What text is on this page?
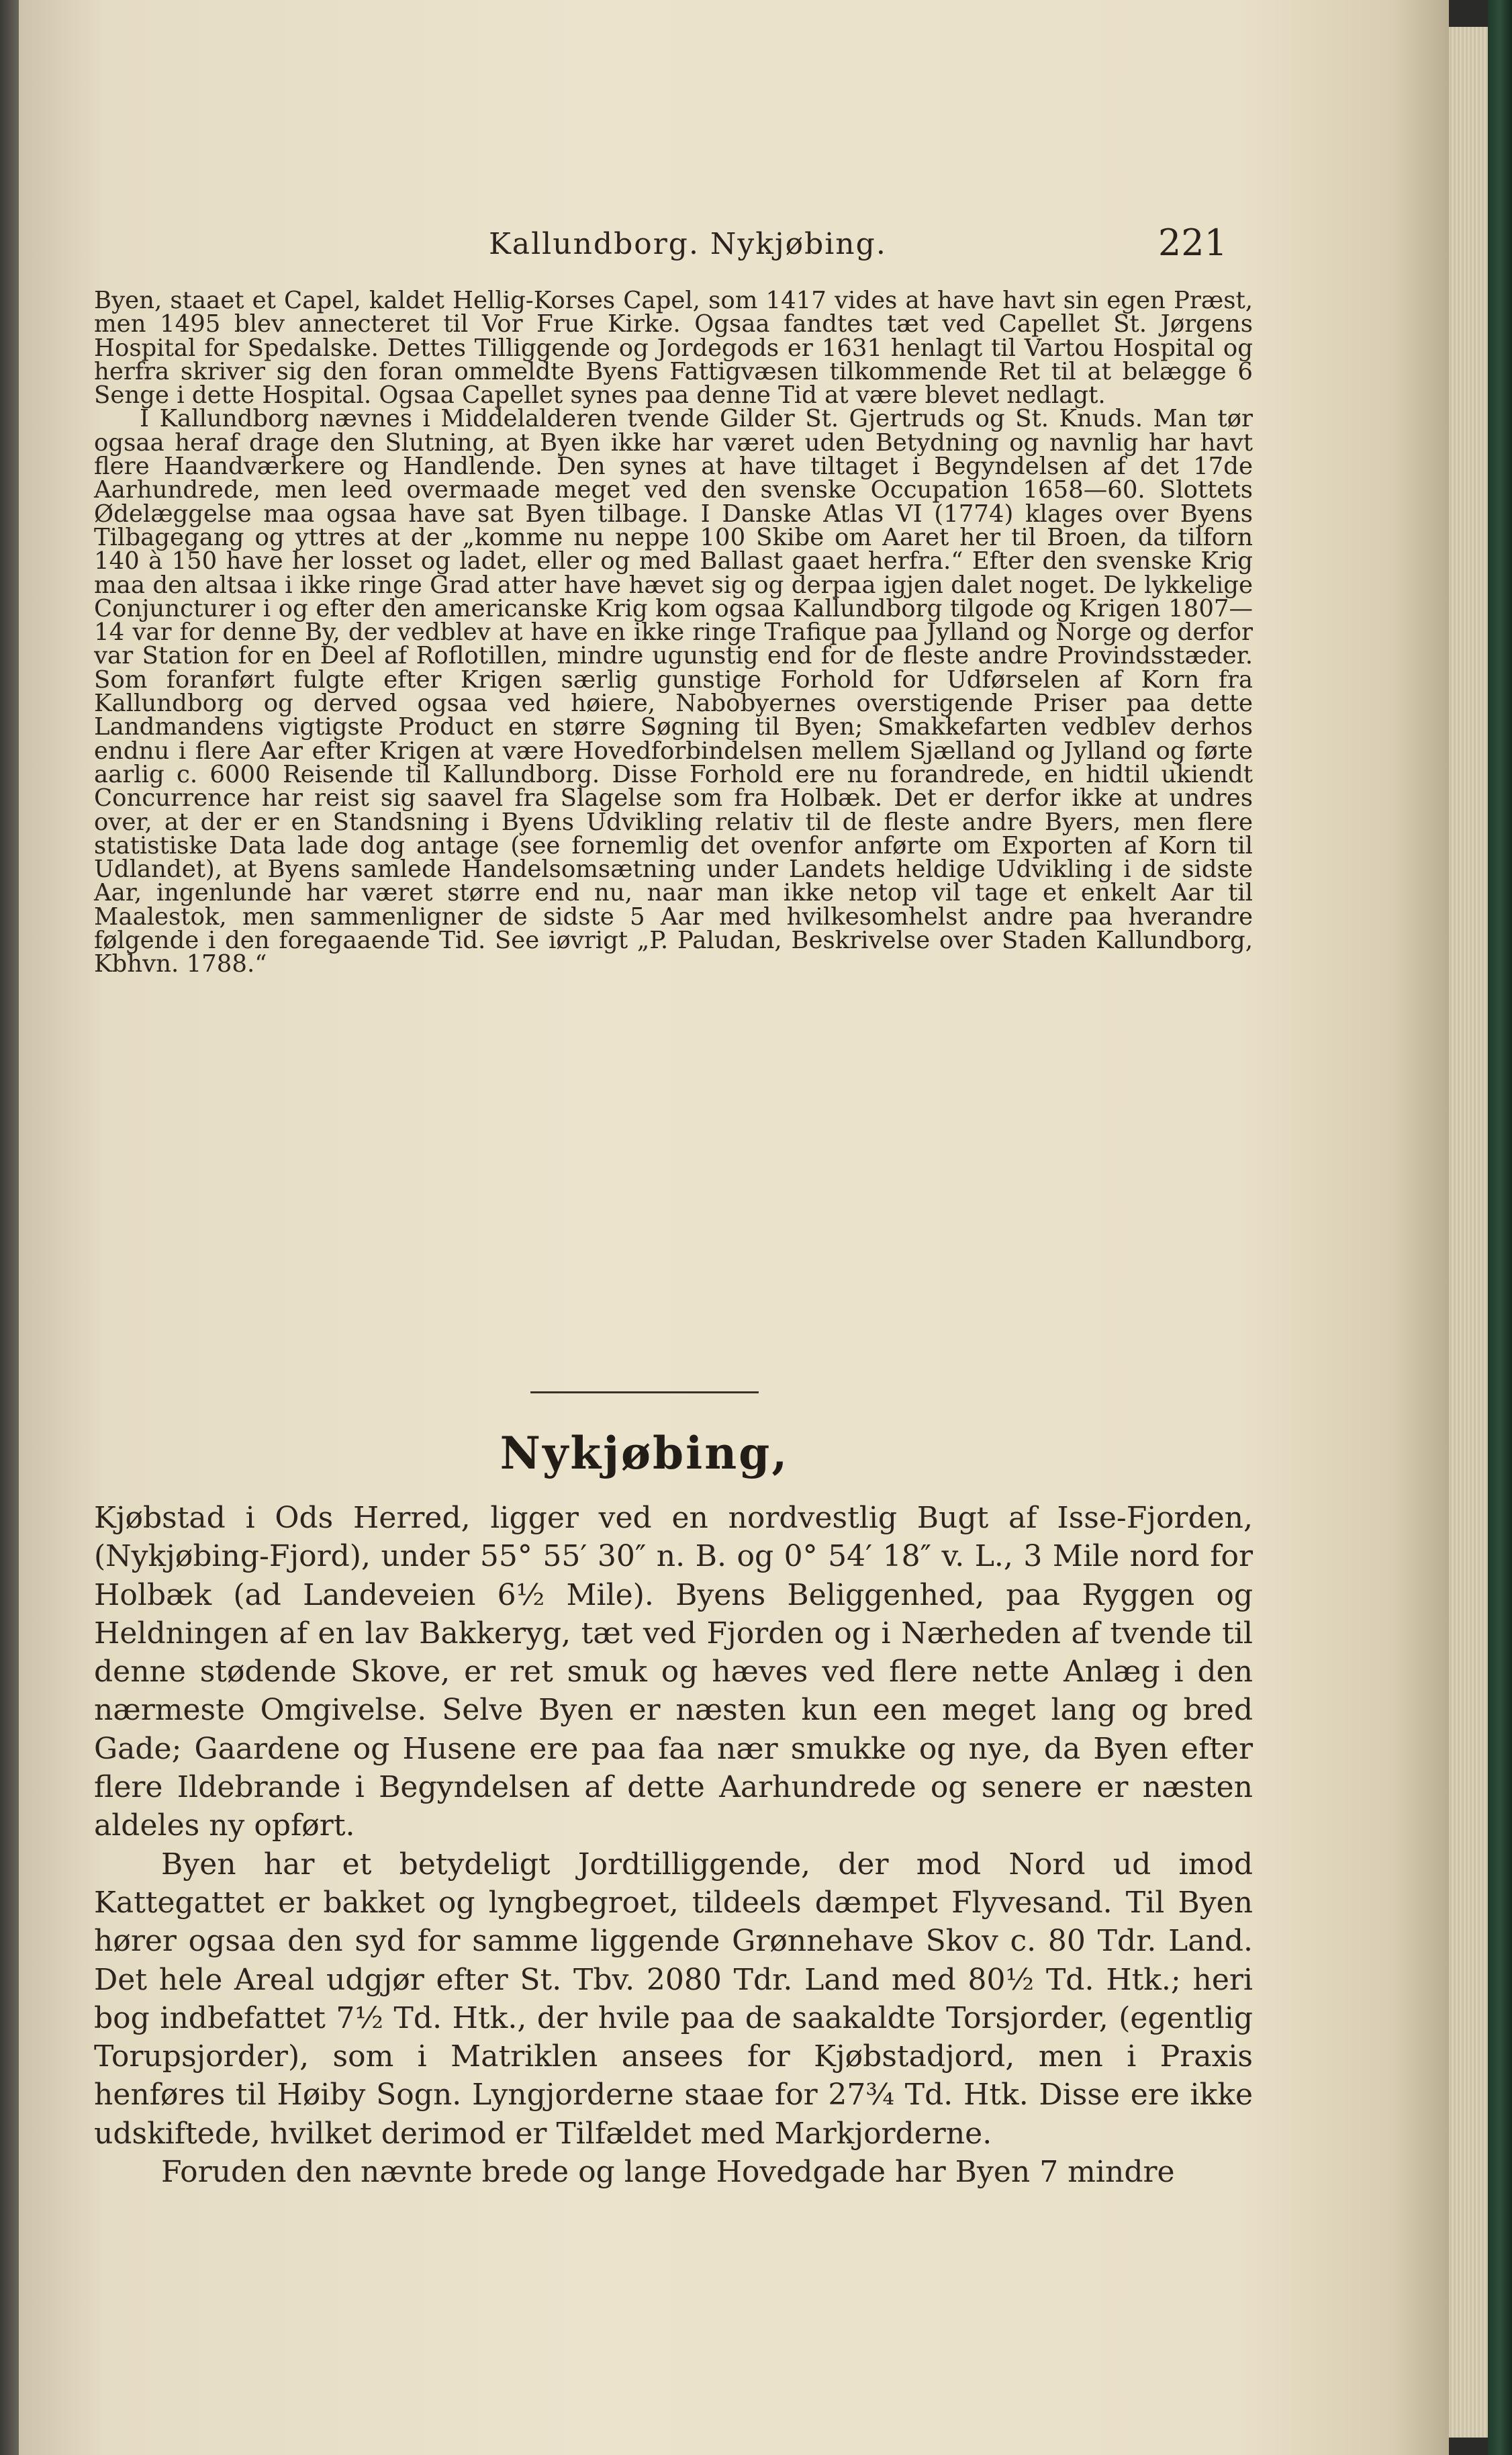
Kallundborg. Nykjøbing.	221

Byen, staaet et Capel, kaldet Hellig-Korses Capel, som 1417 vides at have havt sin egen Præst, men 1495 blev annecteret til Vor Frue Kirke. Ogsaa fandtes tæt ved Capellet St. Jørgens Hospital for Spedalske. Dettes Tilliggende og Jordegods er 1631 henlagt til Vartou Hospital og herfra skriver sig den foran ommeldte Byens Fattigvæsen tilkommende Ret til at belægge 6 Senge i dette Hospital. Ogsaa Capellet synes paa denne Tid at være blevet nedlagt.

I Kallundborg nævnes i Middelalderen tvende Gilder St. Gjertruds og St. Knuds. Man tør ogsaa heraf drage den Slutning, at Byen ikke har været uden Betydning og navnlig har havt flere Haandværkere og Handlende. Den synes at have tiltaget i Begyndelsen af det 17de Aarhundrede, men leed overmaade meget ved den svenske Occupation 1658—60. Slottets Ødelæggelse maa ogsaa have sat Byen tilbage. I Danske Atlas VI (1774) klages over Byens Tilbagegang og yttres at der „komme nu neppe 100 Skibe om Aaret her til Broen, da tilforn 140 à 150 have her losset og ladet, eller og med Ballast gaaet herfra.“ Efter den svenske Krig maa den altsaa i ikke ringe Grad atter have hævet sig og derpaa igjen dalet noget. De lykkelige Conjuncturer i og efter den americanske Krig kom ogsaa Kallundborg tilgode og Krigen 1807—14 var for denne By, der vedblev at have en ikke ringe Trafique paa Jylland og Norge og derfor var Station for en Deel af Roflotillen, mindre ugunstig end for de fleste andre Provindsstæder. Som foranført fulgte efter Krigen særlig gunstige Forhold for Udførselen af Korn fra Kallundborg og derved ogsaa ved høiere, Nabobyernes overstigende Priser paa dette Landmandens vigtigste Product en større Søgning til Byen; Smakkefarten vedblev derhos endnu i flere Aar efter Krigen at være Hovedforbindelsen mellem Sjælland og Jylland og førte aarlig c. 6000 Reisende til Kallundborg. Disse Forhold ere nu forandrede, en hidtil ukiendt Concurrence har reist sig saavel fra Slagelse som fra Holbæk. Det er derfor ikke at undres over, at der er en Standsning i Byens Udvikling relativ til de fleste andre Byers, men flere statistiske Data lade dog antage (see fornemlig det ovenfor anførte om Exporten af Korn til Udlandet), at Byens samlede Handelsomsætning under Landets heldige Udvikling i de sidste Aar, ingenlunde har været større end nu, naar man ikke netop vil tage et enkelt Aar til Maalestok, men sammenligner de sidste 5 Aar med hvilkesomhelst andre paa hverandre følgende i den foregaaende Tid. See iøvrigt „P. Paludan, Beskrivelse over Staden Kallundborg, Kbhvn. 1788.“

Nykjøbing,

Kjøbstad i Ods Herred, ligger ved en nordvestlig Bugt af Isse-Fjorden, (Nykjøbing-Fjord), under 55° 55′ 30″ n. B. og 0° 54′ 18″ v. L., 3 Mile nord for Holbæk (ad Landeveien 6½ Mile). Byens Beliggenhed, paa Ryggen og Heldningen af en lav Bakkeryg, tæt ved Fjorden og i Nærheden af tvende til denne stødende Skove, er ret smuk og hæves ved flere nette Anlæg i den nærmeste Omgivelse. Selve Byen er næsten kun een meget lang og bred Gade; Gaardene og Husene ere paa faa nær smukke og nye, da Byen efter flere Ildebrande i Begyndelsen af dette Aarhundrede og senere er næsten aldeles ny opført.

Byen har et betydeligt Jordtilliggende, der mod Nord ud imod Kattegattet er bakket og lyngbegroet, tildeels dæmpet Flyvesand. Til Byen hører ogsaa den syd for samme liggende Grønnehave Skov c. 80 Tdr. Land. Det hele Areal udgjør efter St. Tbv. 2080 Tdr. Land med 80½ Td. Htk.; heri bog indbefattet 7½ Td. Htk., der hvile paa de saakaldte Torsjorder, (egentlig Torupsjorder), som i Matriklen ansees for Kjøbstadjord, men i Praxis henføres til Høiby Sogn. Lyngjorderne staae for 27¾ Td. Htk. Disse ere ikke udskiftede, hvilket derimod er Tilfældet med Markjorderne.

Foruden den nævnte brede og lange Hovedgade har Byen 7 mindre
